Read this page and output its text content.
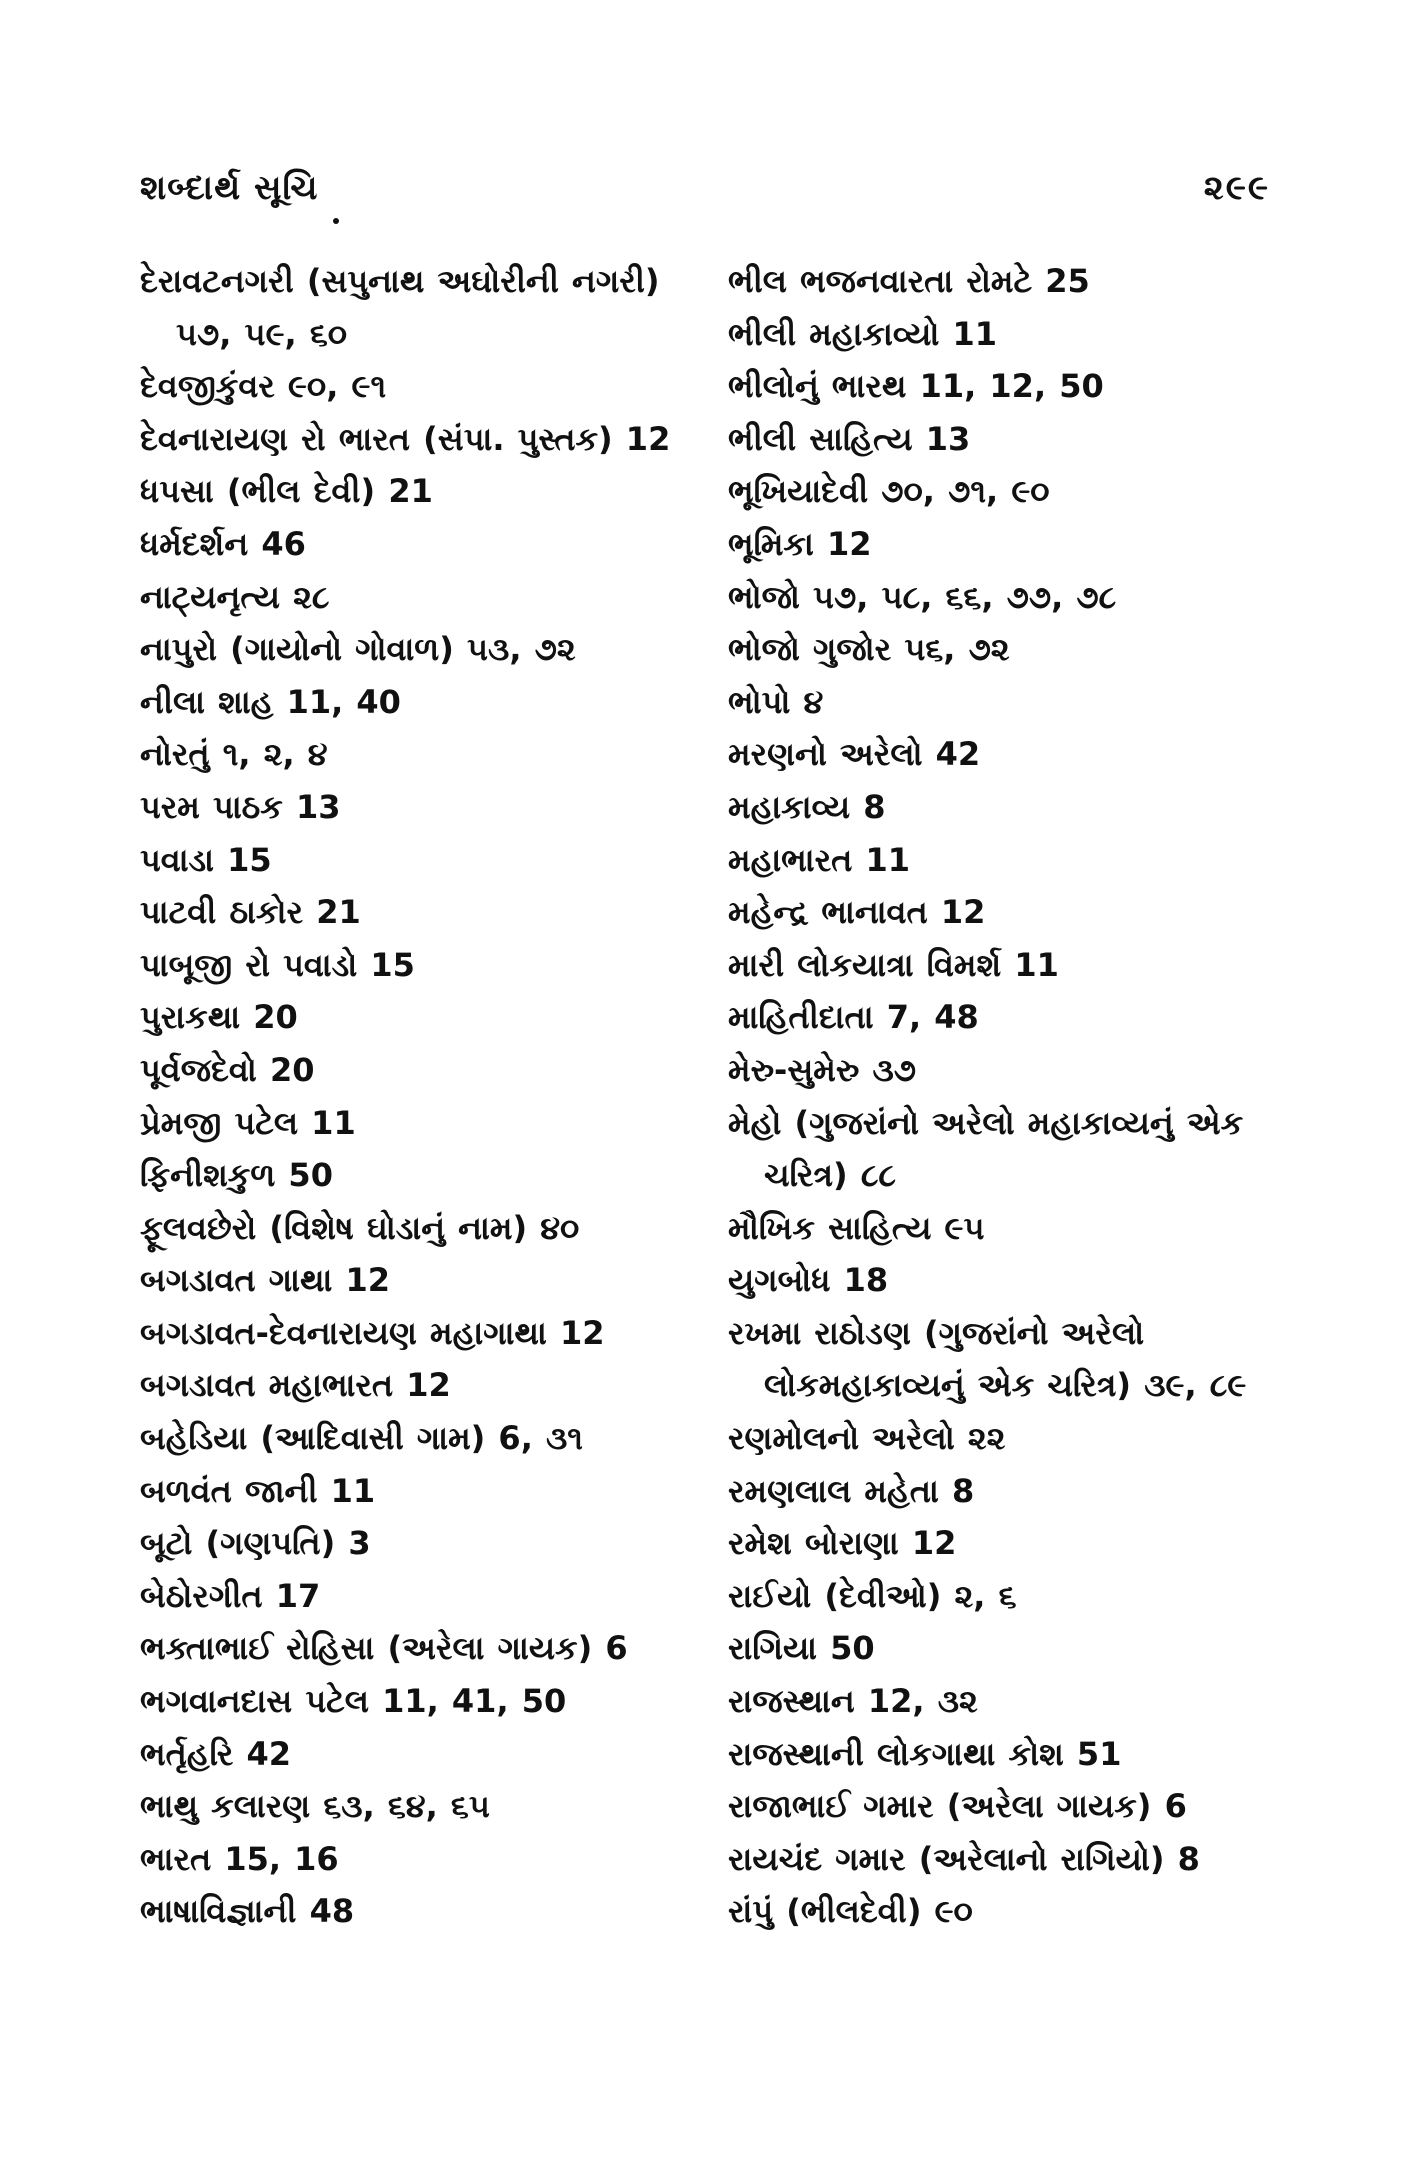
શબ્દાર્થ સૂચિ	૨૯૯
દેરાવટનગરી (સપુનાથ અઘોરીની નગરી) ૫૭, ૫૯, ૬૦
દેવજીકુંવર ૯૦, ૯૧
દેવનારાયણ રો ભારત (સંપા. પુસ્તક) 12
ધપસા (ભીલ દેવી) 21
ધર્મદર્શન 46
નાટ્યનૃત્ય ૨૮
નાપુરો (ગાયોનો ગોવાળ) ૫૩, ૭૨
નીલા શાહ 11, 40
નોરતું ૧, ૨, ૪
પરમ પાઠક 13
પવાડા 15
પાટવી ઠાકોર 21
પાબૂજી રો પવાડો 15
પુરાકથા 20
પૂર્વજદેવો 20
પ્રેમજી પટેલ 11
ફિનીશકુળ 50
ફૂલવછેરો (વિશેષ ઘોડાનું નામ) ૪૦
બગડાવત ગાથા 12
બગડાવત-દેવનારાયણ મહાગાથા 12
બગડાવત મહાભારત 12
બહેડિયા (આદિવાસી ગામ) 6, ૩૧
બળવંત જાની 11
બૂટો (ગણપતિ) 3
બેઠોરગીત 17
ભક્તાભાઈ રોહિસા (અરેલા ગાયક) 6
ભગવાનદાસ પટેલ 11, 41, 50
ભર્તૃહરિ 42
ભાથુ કલારણ ૬૩, ૬૪, ૬૫
ભારત 15, 16
ભાષાવિજ્ઞાની 48
ભીલ ભજનવારતા રોમટે 25
ભીલી મહાકાવ્યો 11
ભીલોનું ભારથ 11, 12, 50
ભીલી સાહિત્ય 13
ભૂખિયાદેવી ૭૦, ૭૧, ૯૦
ભૂમિકા 12
ભોજો ૫૭, ૫૮, ૬૬, ૭૭, ૭૮
ભોજો ગુજોર ૫૬, ૭૨
ભોપો ૪
મરણનો અરેલો 42
મહાકાવ્ય 8
મહાભારત 11
મહેન્દ્ર ભાનાવત 12
મારી લોકયાત્રા વિમર્શ 11
માહિતીદાતા 7, 48
મેરુ-સુમેરુ ૩૭
મેહો (ગુજરાંનો અરેલો મહાકાવ્યનું એક ચરિત્ર) ૮૮
મૌખિક સાહિત્ય ૯૫
યુગબોધ 18
રખમા રાઠોડણ (ગુજરાંનો અરેલો લોકમહાકાવ્યનું એક ચરિત્ર) ૩૯, ૮૯
રણમોલનો અરેલો ૨૨
રમણલાલ મહેતા 8
રમેશ બોરાણા 12
રાઈયો (દેવીઓ) ૨, ૬
રાગિયા 50
રાજસ્થાન 12, ૩૨
રાજસ્થાની લોકગાથા કોશ 51
રાજાભાઈ ગમાર (અરેલા ગાયક) 6
રાયચંદ ગમાર (અરેલાનો રાગિયો) 8
રાંપું (ભીલદેવી) ૯૦
